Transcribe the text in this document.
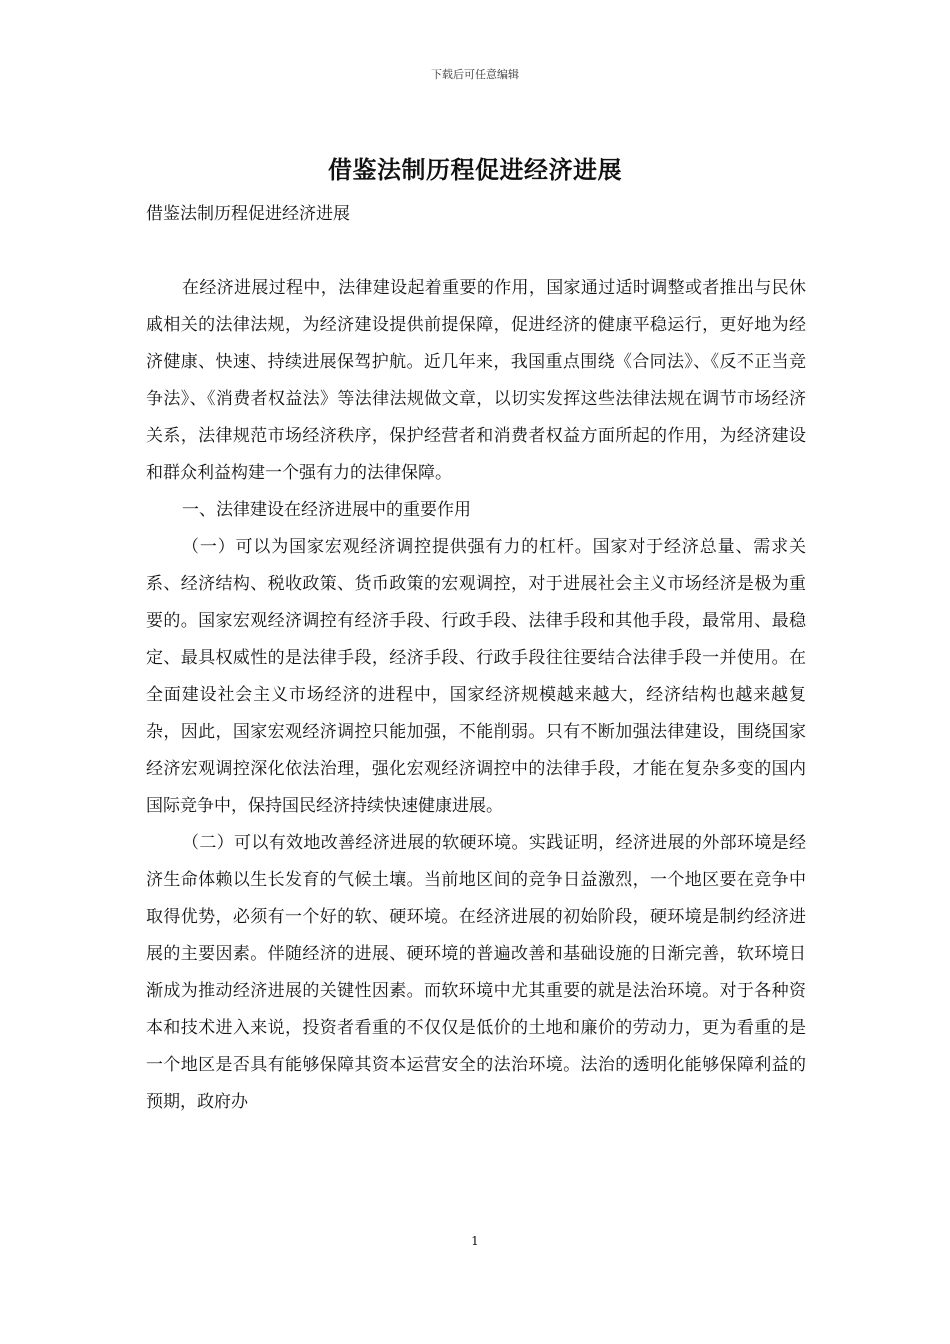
下载后可任意编辑
借鉴法制历程促进经济进展
借鉴法制历程促进经济进展

在经济进展过程中，法律建设起着重要的作用，国家通过适时调整或者推出与民休戚相关的法律法规，为经济建设提供前提保障，促进经济的健康平稳运行，更好地为经济健康、快速、持续进展保驾护航。近几年来，我国重点围绕《合同法》、《反不正当竞争法》、《消费者权益法》等法律法规做文章，以切实发挥这些法律法规在调节市场经济关系，法律规范市场经济秩序，保护经营者和消费者权益方面所起的作用，为经济建设和群众利益构建一个强有力的法律保障。

一、法律建设在经济进展中的重要作用

（一）可以为国家宏观经济调控提供强有力的杠杆。国家对于经济总量、需求关系、经济结构、税收政策、货币政策的宏观调控，对于进展社会主义市场经济是极为重要的。国家宏观经济调控有经济手段、行政手段、法律手段和其他手段，最常用、最稳定、最具权威性的是法律手段，经济手段、行政手段往往要结合法律手段一并使用。在全面建设社会主义市场经济的进程中，国家经济规模越来越大，经济结构也越来越复杂，因此，国家宏观经济调控只能加强，不能削弱。只有不断加强法律建设，围绕国家经济宏观调控深化依法治理，强化宏观经济调控中的法律手段，才能在复杂多变的国内国际竞争中，保持国民经济持续快速健康进展。

（二）可以有效地改善经济进展的软硬环境。实践证明，经济进展的外部环境是经济生命体赖以生长发育的气候土壤。当前地区间的竞争日益激烈，一个地区要在竞争中取得优势，必须有一个好的软、硬环境。在经济进展的初始阶段，硬环境是制约经济进展的主要因素。伴随经济的进展、硬环境的普遍改善和基础设施的日渐完善，软环境日渐成为推动经济进展的关键性因素。而软环境中尤其重要的就是法治环境。对于各种资本和技术进入来说，投资者看重的不仅仅是低价的土地和廉价的劳动力，更为看重的是一个地区是否具有能够保障其资本运营安全的法治环境。法治的透明化能够保障利益的预期，政府办

1
